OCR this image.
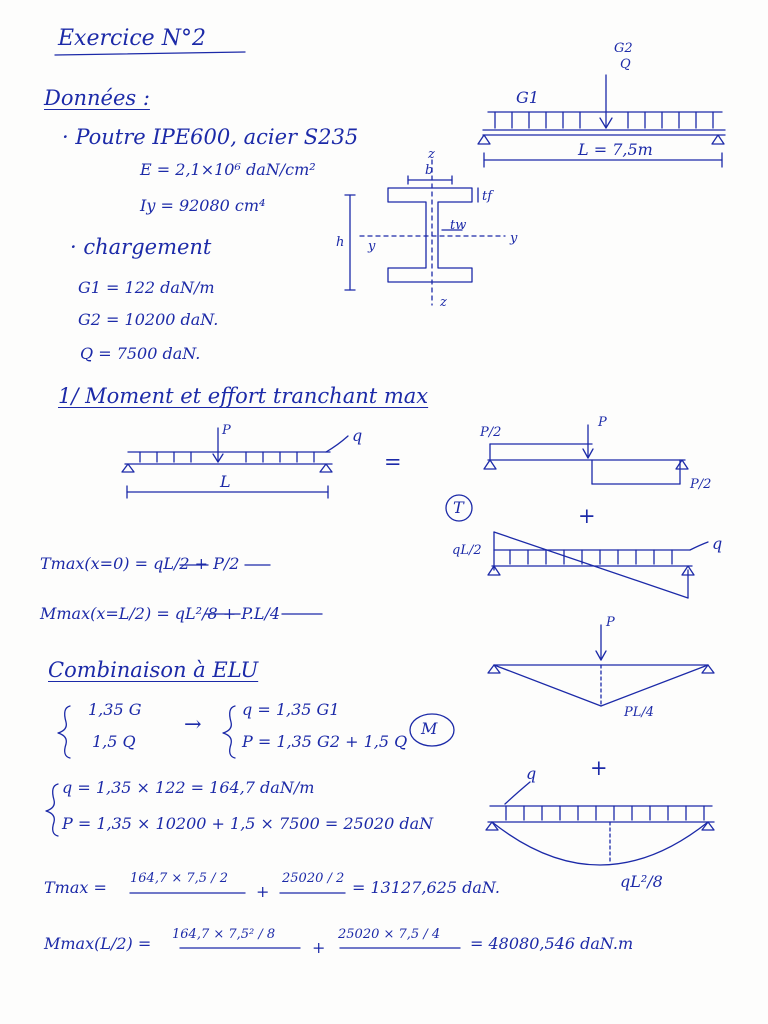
Exercice N°2
Données :
· Poutre IPE600, acier S235
E = 2,1×10⁶ daN/cm²
Iy = 92080 cm⁴
· chargement
G1 = 122 daN/m
G2 = 10200 daN.
Q = 7500 daN.
G2
Q
G1
L = 7,5m
z
b
tf
tw
h y
y
z
1/ Moment et effort tranchant max
P	q
L
=
P/2
P
P/2
T	+
qL/2	q
P
PL/4
M
+
q
qL²/8
Tmax(x=0) = qL/2 + P/2
Mmax(x=L/2) = qL²/8 + P.L/4
Combinaison à ELU
1,35 G
1,5 Q
→
q = 1,35 G1
P = 1,35 G2 + 1,5 Q
q = 1,35 × 122 = 164,7 daN/m
P = 1,35 × 10200 + 1,5 × 7500 = 25020 daN
Tmax = 164,7 × 7,5 / 2
+
25020 / 2 = 13127,625 daN.
Mmax(L/2) = 164,7 × 7,5² / 8
+
25020 × 7,5 / 4 = 48080,546 daN.m
